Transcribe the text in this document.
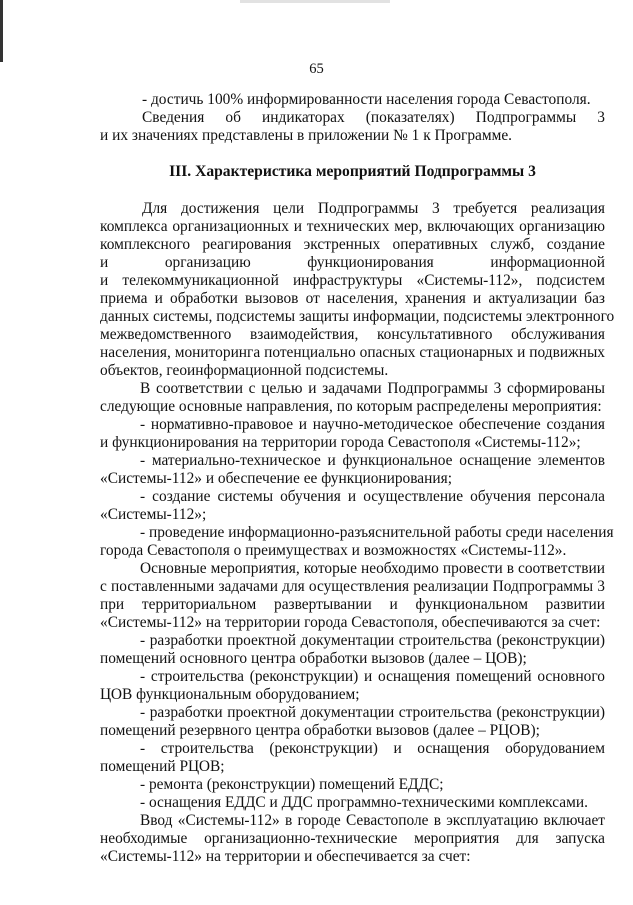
65
- достичь 100% информированности населения города Севастополя.
Сведения об индикаторах (показателях) Подпрограммы 3
и их значениях представлены в приложении № 1 к Программе.
III. Характеристика мероприятий Подпрограммы 3
Для достижения цели Подпрограммы 3 требуется реализация
комплекса организационных и технических мер, включающих организацию
комплексного реагирования экстренных оперативных служб, создание
и организацию функционирования информационной
и телекоммуникационной инфраструктуры «Системы-112», подсистем
приема и обработки вызовов от населения, хранения и актуализации баз
данных системы, подсистемы защиты информации, подсистемы электронного
межведомственного взаимодействия, консультативного обслуживания
населения, мониторинга потенциально опасных стационарных и подвижных
объектов, геоинформационной подсистемы.
В соответствии с целью и задачами Подпрограммы 3 сформированы
следующие основные направления, по которым распределены мероприятия:
- нормативно-правовое и научно-методическое обеспечение создания
и функционирования на территории города Севастополя «Системы-112»;
- материально-техническое и функциональное оснащение элементов
«Системы-112» и обеспечение ее функционирования;
- создание системы обучения и осуществление обучения персонала
«Системы-112»;
- проведение информационно-разъяснительной работы среди населения
города Севастополя о преимуществах и возможностях «Системы-112».
Основные мероприятия, которые необходимо провести в соответствии
с поставленными задачами для осуществления реализации Подпрограммы 3
при территориальном развертывании и функциональном развитии
«Системы-112» на территории города Севастополя, обеспечиваются за счет:
- разработки проектной документации строительства (реконструкции)
помещений основного центра обработки вызовов (далее – ЦОВ);
- строительства (реконструкции) и оснащения помещений основного
ЦОВ функциональным оборудованием;
- разработки проектной документации строительства (реконструкции)
помещений резервного центра обработки вызовов (далее – РЦОВ);
- строительства (реконструкции) и оснащения оборудованием
помещений РЦОВ;
- ремонта (реконструкции) помещений ЕДДС;
- оснащения ЕДДС и ДДС программно-техническими комплексами.
Ввод «Системы-112» в городе Севастополе в эксплуатацию включает
необходимые организационно-технические мероприятия для запуска
«Системы-112» на территории и обеспечивается за счет:
